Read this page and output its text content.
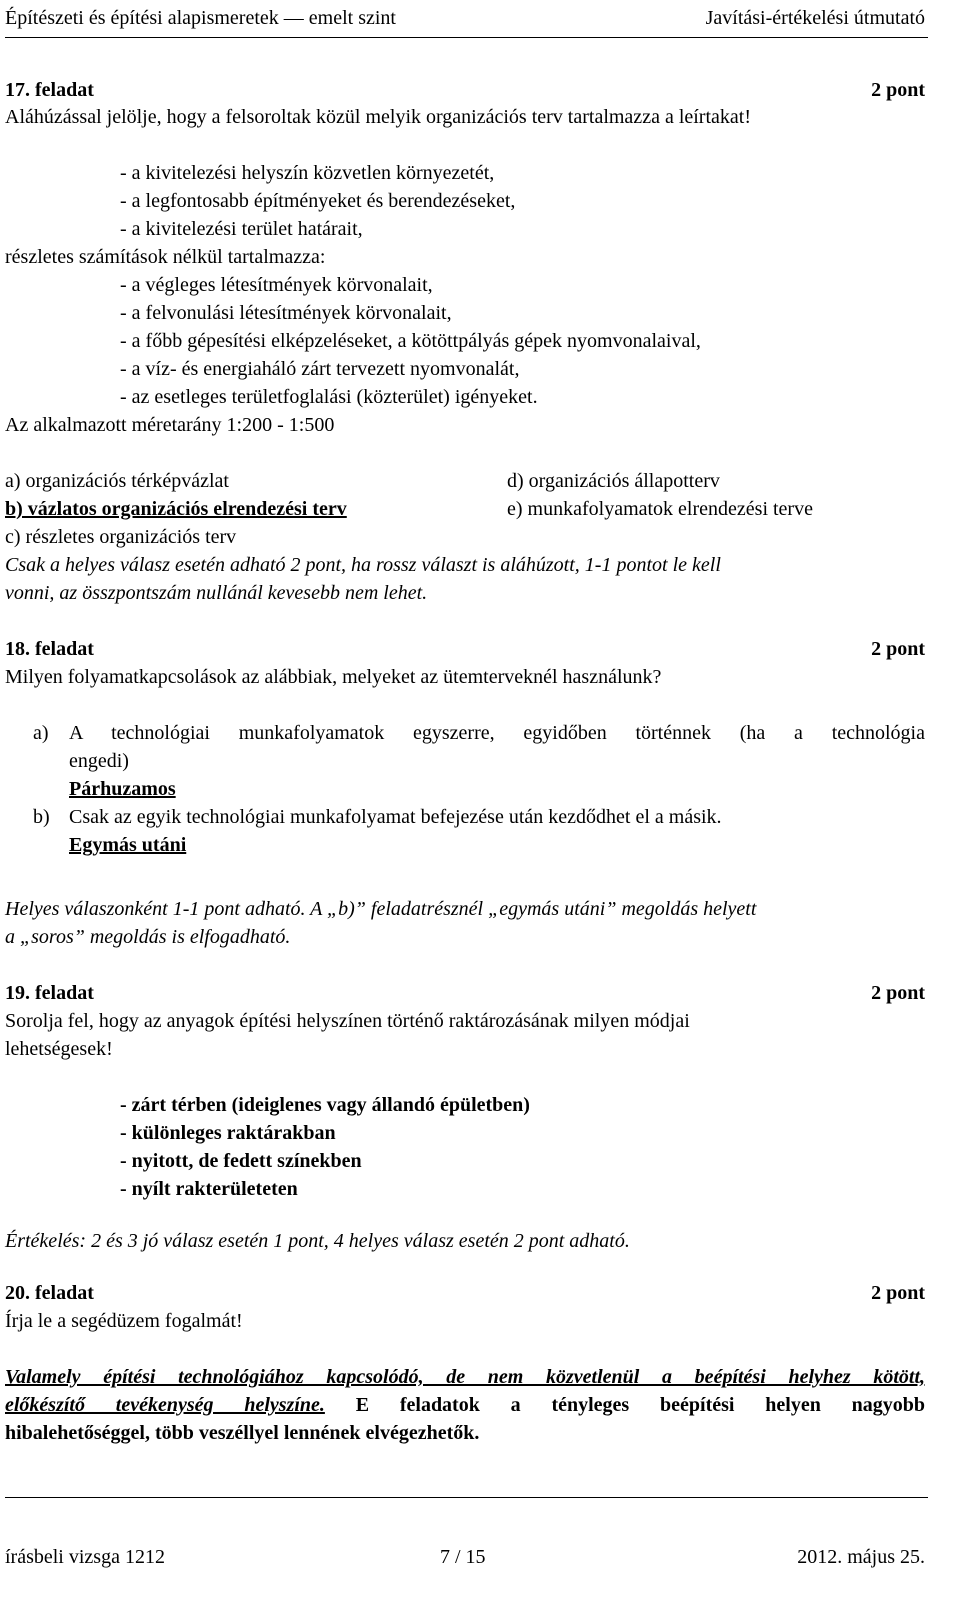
Építészeti és építési alapismeretek — emelt szint	Javítási-értékelési útmutató
17. feladat	2 pont
Aláhúzással jelölje, hogy a felsoroltak közül melyik organizációs terv tartalmazza a leírtakat!
- a kivitelezési helyszín közvetlen környezetét,
- a legfontosabb építményeket és berendezéseket,
- a kivitelezési terület határait,
részletes számítások nélkül tartalmazza:
- a végleges létesítmények körvonalait,
- a felvonulási létesítmények körvonalait,
- a főbb gépesítési elképzeléseket, a kötöttpályás gépek nyomvonalaival,
- a víz- és energiaháló zárt tervezett nyomvonalát,
- az esetleges területfoglalási (közterület) igényeket.
Az alkalmazott méretarány 1:200 - 1:500
a) organizációs térképvázlat	d) organizációs állapotterv
b) vázlatos organizációs elrendezési terv	e) munkafolyamatok elrendezési terve
c) részletes organizációs terv
Csak a helyes válasz esetén adható 2 pont, ha rossz választ is aláhúzott, 1-1 pontot le kell
vonni, az összpontszám nullánál kevesebb nem lehet.
18. feladat	2 pont
Milyen folyamatkapcsolások az alábbiak, melyeket az ütemterveknél használunk?
a) A technológiai munkafolyamatok egyszerre, egyidőben történnek (ha a technológia
engedi)
Párhuzamos
b) Csak az egyik technológiai munkafolyamat befejezése után kezdődhet el a másik.
Egymás utáni
Helyes válaszonként 1-1 pont adható. A „b)” feladatrésznél „egymás utáni” megoldás helyett
a „soros” megoldás is elfogadható.
19. feladat	2 pont
Sorolja fel, hogy az anyagok építési helyszínen történő raktározásának milyen módjai
lehetségesek!
- zárt térben (ideiglenes vagy állandó épületben)
- különleges raktárakban
- nyitott, de fedett színekben
- nyílt rakterületeten
Értékelés: 2 és 3 jó válasz esetén 1 pont, 4 helyes válasz esetén 2 pont adható.
20. feladat	2 pont
Írja le a segédüzem fogalmát!
Valamely építési technológiához kapcsolódó, de nem közvetlenül a beépítési helyhez kötött,
előkészítő tevékenység helyszíne. E feladatok a tényleges beépítési helyen nagyobb
hibalehetőséggel, több veszéllyel lennének elvégezhetők.
írásbeli vizsga 1212	7 / 15	2012. május 25.
